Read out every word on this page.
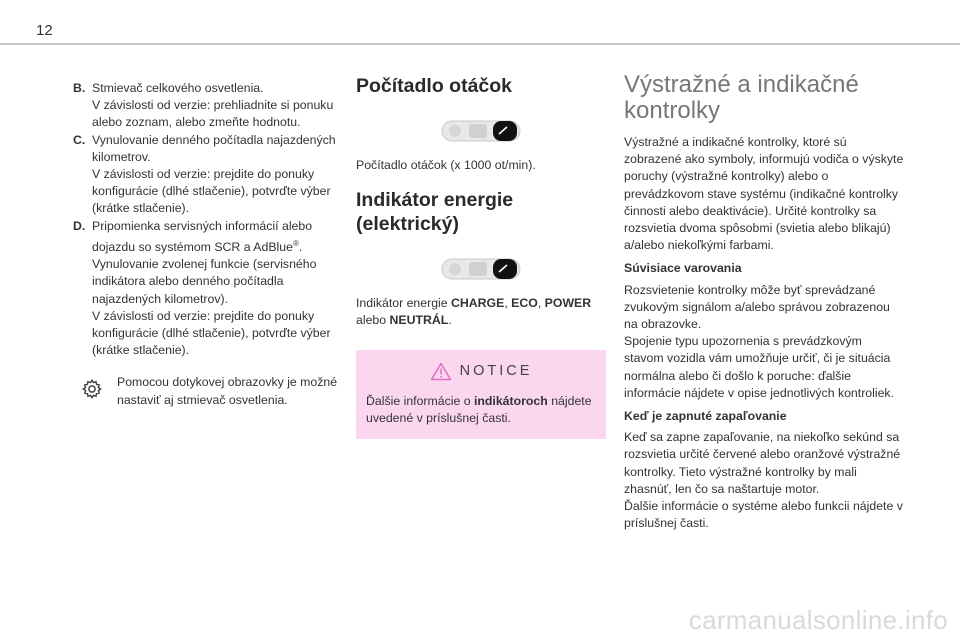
12
B. Stmievač celkového osvetlenia.
V závislosti od verzie: prehliadnite si ponuku alebo zoznam, alebo zmeňte hodnotu.
C. Vynulovanie denného počítadla najazdených kilometrov.
V závislosti od verzie: prejdite do ponuky konfigurácie (dlhé stlačenie), potvrďte výber (krátke stlačenie).
D. Pripomienka servisných informácií alebo dojazdu so systémom SCR a AdBlue®.
Vynulovanie zvolenej funkcie (servisného indikátora alebo denného počítadla najazdených kilometrov).
V závislosti od verzie: prejdite do ponuky konfigurácie (dlhé stlačenie), potvrďte výber (krátke stlačenie).
Pomocou dotykovej obrazovky je možné nastaviť aj stmievač osvetlenia.
Počítadlo otáčok
Počítadlo otáčok (x 1000 ot/min).
Indikátor energie (elektrický)
Indikátor energie CHARGE, ECO, POWER alebo NEUTRÁL.
NOTICE
Ďalšie informácie o indikátoroch nájdete uvedené v príslušnej časti.
Výstražné a indikačné kontrolky
Výstražné a indikačné kontrolky, ktoré sú zobrazené ako symboly, informujú vodiča o výskyte poruchy (výstražné kontrolky) alebo o prevádzkovom stave systému (indikačné kontrolky činnosti alebo deaktivácie). Určité kontrolky sa rozsvietia dvoma spôsobmi (svietia alebo blikajú) a/alebo niekoľkými farbami.
Súvisiace varovania
Rozsvietenie kontrolky môže byť sprevádzané zvukovým signálom a/alebo správou zobrazenou na obrazovke.
Spojenie typu upozornenia s prevádzkovým stavom vozidla vám umožňuje určiť, či je situácia normálna alebo či došlo k poruche: ďalšie informácie nájdete v opise jednotlivých kontroliek.
Keď je zapnuté zapaľovanie
Keď sa zapne zapaľovanie, na niekoľko sekúnd sa rozsvietia určité červené alebo oranžové výstražné kontrolky. Tieto výstražné kontrolky by mali zhasnúť, len čo sa naštartuje motor.
Ďalšie informácie o systéme alebo funkcii nájdete v príslušnej časti.
carmanualsonline.info
